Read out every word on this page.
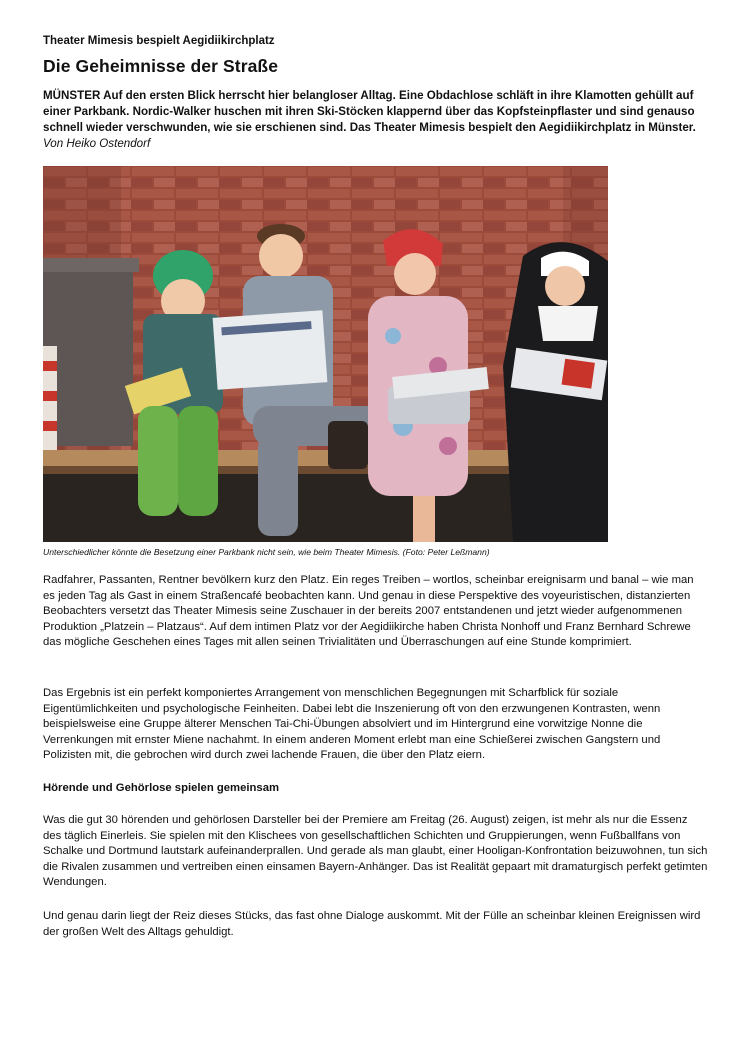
Theater Mimesis bespielt Aegidiikirchplatz
Die Geheimnisse der Straße
MÜNSTER Auf den ersten Blick herrscht hier belangloser Alltag. Eine Obdachlose schläft in ihre Klamotten gehüllt auf einer Parkbank. Nordic-Walker huschen mit ihren Ski-Stöcken klappernd über das Kopfsteinpflaster und sind genauso schnell wieder verschwunden, wie sie erschienen sind. Das Theater Mimesis bespielt den Aegidiikirchplatz in Münster.  Von Heiko Ostendorf
Unterschiedlicher könnte die Besetzung einer Parkbank nicht sein, wie beim Theater Mimesis. (Foto: Peter Leßmann)

Radfahrer, Passanten, Rentner bevölkern kurz den Platz. Ein reges Treiben – wortlos, scheinbar ereignisarm und banal – wie man es jeden Tag als Gast in einem Straßencafé beobachten kann. Und genau in diese Perspektive des voyeuristischen, distanzierten Beobachters versetzt das Theater Mimesis seine Zuschauer in der bereits 2007 entstandenen und jetzt wieder aufgenommenen Produktion „Platzein – Platzaus“. Auf dem intimen Platz vor der Aegidiikirche haben Christa Nonhoff und Franz Bernhard Schrewe das mögliche Geschehen eines Tages mit allen seinen Trivialitäten und Überraschungen auf eine Stunde komprimiert.

Das Ergebnis ist ein perfekt komponiertes Arrangement von menschlichen Begegnungen mit Scharfblick für soziale Eigentümlichkeiten und psychologische Feinheiten. Dabei lebt die Inszenierung oft von den erzwungenen Kontrasten, wenn beispielsweise eine Gruppe älterer Menschen Tai-Chi-Übungen absolviert und im Hintergrund eine vorwitzige Nonne die Verrenkungen mit ernster Miene nachahmt. In einem anderen Moment erlebt man eine Schießerei zwischen Gangstern und Polizisten mit, die gebrochen wird durch zwei lachende Frauen, die über den Platz eiern.

Hörende und Gehörlose spielen gemeinsam

Was die gut 30 hörenden und gehörlosen Darsteller bei der Premiere am Freitag (26. August) zeigen, ist mehr als nur die Essenz des täglich Einerleis. Sie spielen mit den Klischees von gesellschaftlichen Schichten und Gruppierungen, wenn Fußballfans von Schalke und Dortmund lautstark aufeinanderprallen. Und gerade als man glaubt, einer Hooligan-Konfrontation beizuwohnen, tun sich die Rivalen zusammen und vertreiben einen einsamen Bayern-Anhänger. Das ist Realität gepaart mit dramaturgisch perfekt getimten Wendungen.

Und genau darin liegt der Reiz dieses Stücks, das fast ohne Dialoge auskommt. Mit der Fülle an scheinbar kleinen Ereignissen wird der großen Welt des Alltags gehuldigt.
